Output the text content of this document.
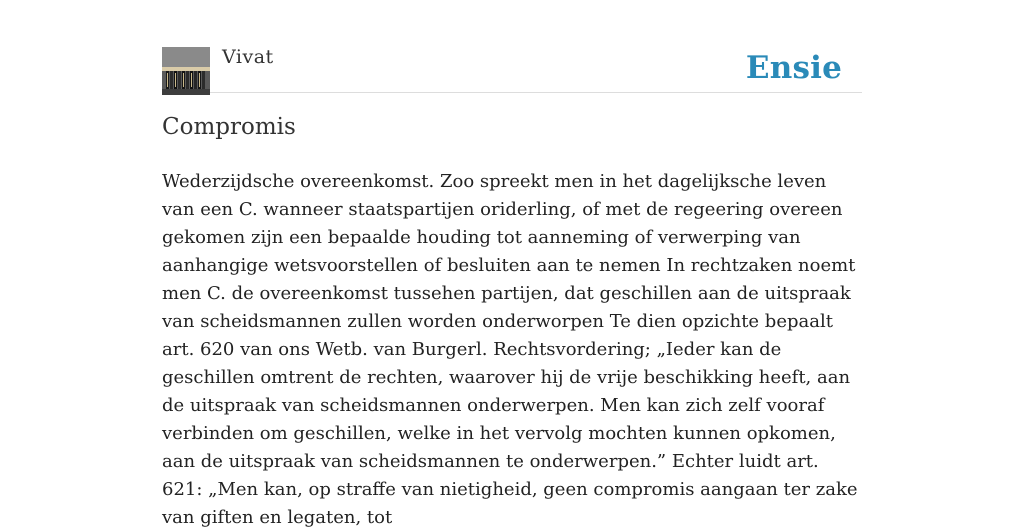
Vivat	Ensie
Compromis

Wederzijdsche overeenkomst. Zoo spreekt men in het dagelijksche leven van een C. wanneer staatspartijen oriderling, of met de regeering overeen gekomen zijn een bepaalde houding tot aanneming of verwerping van aanhangige wetsvoorstellen of besluiten aan te nemen In rechtzaken noemt men C. de overeenkomst tussehen partijen, dat geschillen aan de uitspraak van scheidsmannen zullen worden onderworpen Te dien opzichte bepaalt art. 620 van ons Wetb. van Burgerl. Rechtsvordering; „Ieder kan de geschillen omtrent de rechten, waarover hij de vrije beschikking heeft, aan de uitspraak van scheidsmannen onderwerpen. Men kan zich zelf vooraf verbinden om geschillen, welke in het vervolg mochten kunnen opkomen, aan de uitspraak van scheidsmannen te onderwerpen.” Echter luidt art. 621: „Men kan, op straffe van nietigheid, geen compromis aangaan ter zake van giften en legaten, tot
